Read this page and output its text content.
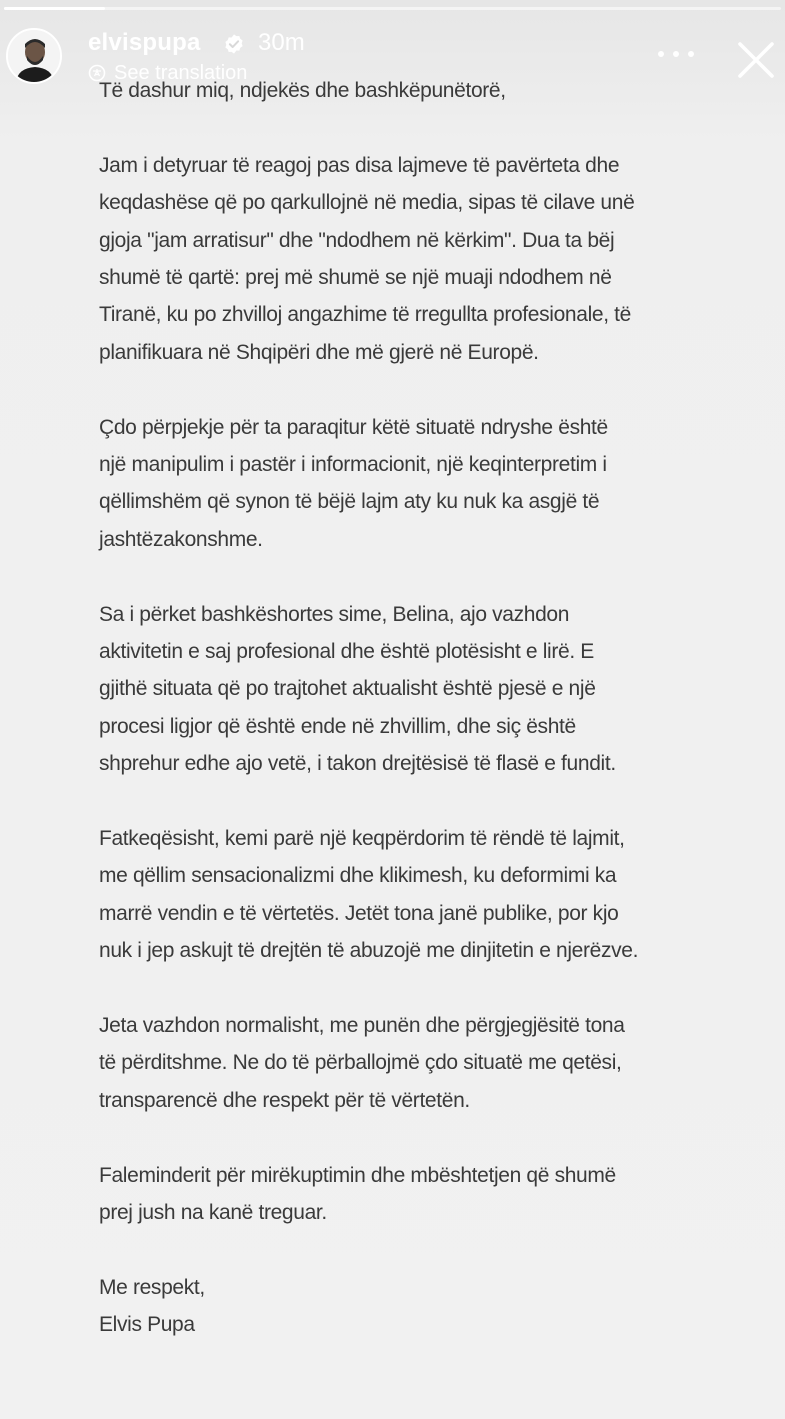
elvispupa 30m
See translation

Të dashur miq, ndjekës dhe bashkëpunëtorë,

Jam i detyruar të reagoj pas disa lajmeve të pavërteta dhe

keqdashëse që po qarkullojnë në media, sipas të cilave unë

gjoja "jam arratisur" dhe "ndodhem në kërkim". Dua ta bëj

shumë të qartë: prej më shumë se një muaji ndodhem në

Tiranë, ku po zhvilloj angazhime të rregullta profesionale, të

planifikuara në Shqipëri dhe më gjerë në Europë.

Çdo përpjekje për ta paraqitur këtë situatë ndryshe është

një manipulim i pastër i informacionit, një keqinterpretim i

qëllimshëm që synon të bëjë lajm aty ku nuk ka asgjë të

jashtëzakonshme.

Sa i përket bashkëshortes sime, Belina, ajo vazhdon

aktivitetin e saj profesional dhe është plotësisht e lirë. E

gjithë situata që po trajtohet aktualisht është pjesë e një

procesi ligjor që është ende në zhvillim, dhe siç është

shprehur edhe ajo vetë, i takon drejtësisë të flasë e fundit.

Fatkeqësisht, kemi parë një keqpërdorim të rëndë të lajmit,

me qëllim sensacionalizmi dhe klikimesh, ku deformimi ka

marrë vendin e të vërtetës. Jetët tona janë publike, por kjo

nuk i jep askujt të drejtën të abuzojë me dinjitetin e njerëzve.

Jeta vazhdon normalisht, me punën dhe përgjegjësitë tona

të përditshme. Ne do të përballojmë çdo situatë me qetësi,

transparencë dhe respekt për të vërtetën.

Faleminderit për mirëkuptimin dhe mbështetjen që shumë

prej jush na kanë treguar.

Me respekt,

Elvis Pupa
